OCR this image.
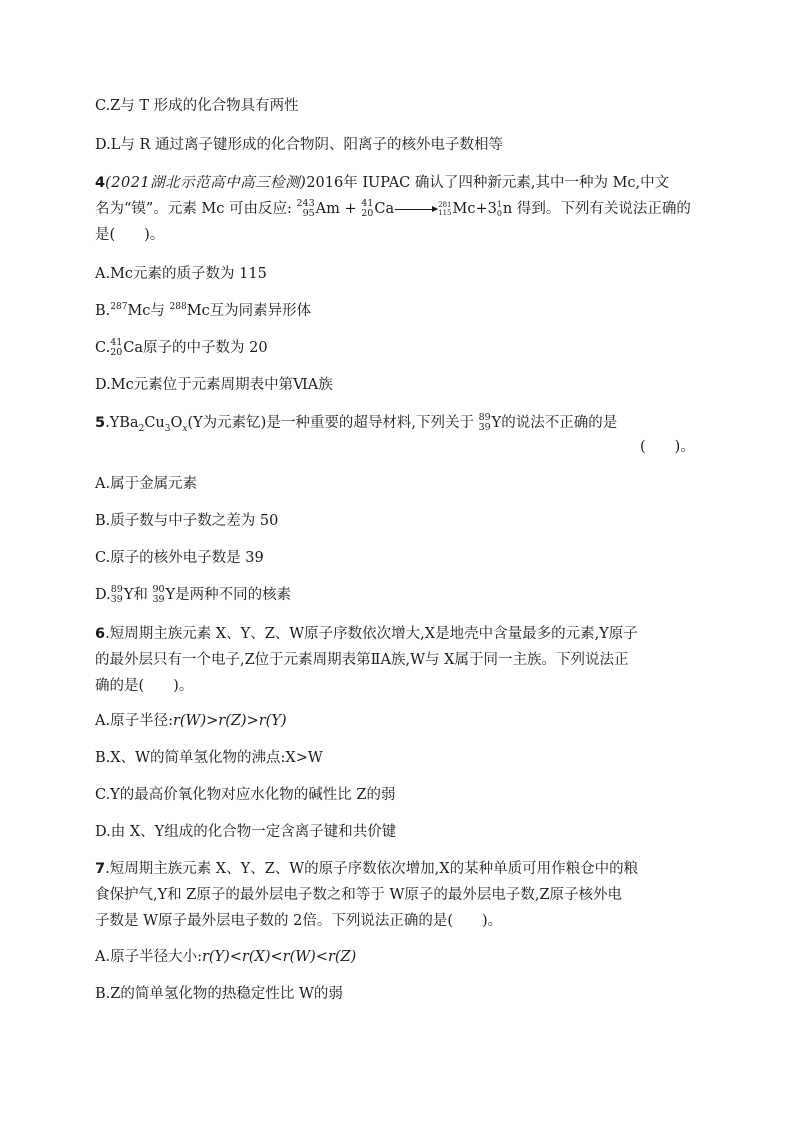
C.Z与 T 形成的化合物具有两性
D.L与 R 通过离子键形成的化合物阴、阳离子的核外电子数相等
4(2021湖北示范高中高三检测)2016年 IUPAC 确认了四种新元素,其中一种为 Mc,中文
名为“镆”。元素 Mc 可由反应: 243
95 Am + 41
20 Ca→ 281
115 Mc+3 1
0 n 得到。下列有关说法正确的
是(　　)。
A.Mc元素的质子数为 115
B.$^{287}$Mc与 $^{288}$Mc互为同素异形体
C. 41
20 Ca原子的中子数为 20
D.Mc元素位于元素周期表中第ⅥA族
$5.YBa_2Cu_3O_x(Y$为元素钇)是一种重要的超导材料,下列关于 89
39 Y的说法不正确的是
(　　)。
A.属于金属元素
B.质子数与中子数之差为 50
C.原子的核外电子数是 39
D. 89
39 Y和 90
39 Y是两种不同的核素
6.短周期主族元素 X、Y、Z、W原子序数依次增大,X是地壳中含量最多的元素,Y原子
的最外层只有一个电子,Z位于元素周期表第ⅡA族,W与 X属于同一主族。下列说法正
确的是(　　)。
A.原子半径:r(W)>r(Z)>r(Y)
B.X、W的简单氢化物的沸点:X>W
C.Y的最高价氧化物对应水化物的碱性比 Z的弱
D.由 X、Y组成的化合物一定含离子键和共价键
7.短周期主族元素 X、Y、Z、W的原子序数依次增加,X的某种单质可用作粮仓中的粮
食保护气,Y和 Z原子的最外层电子数之和等于 W原子的最外层电子数,Z原子核外电
子数是 W原子最外层电子数的 2倍。下列说法正确的是(　　)。
A.原子半径大小:r(Y)<r(X)<r(W)<r(Z)
B.Z的简单氢化物的热稳定性比 W的弱
